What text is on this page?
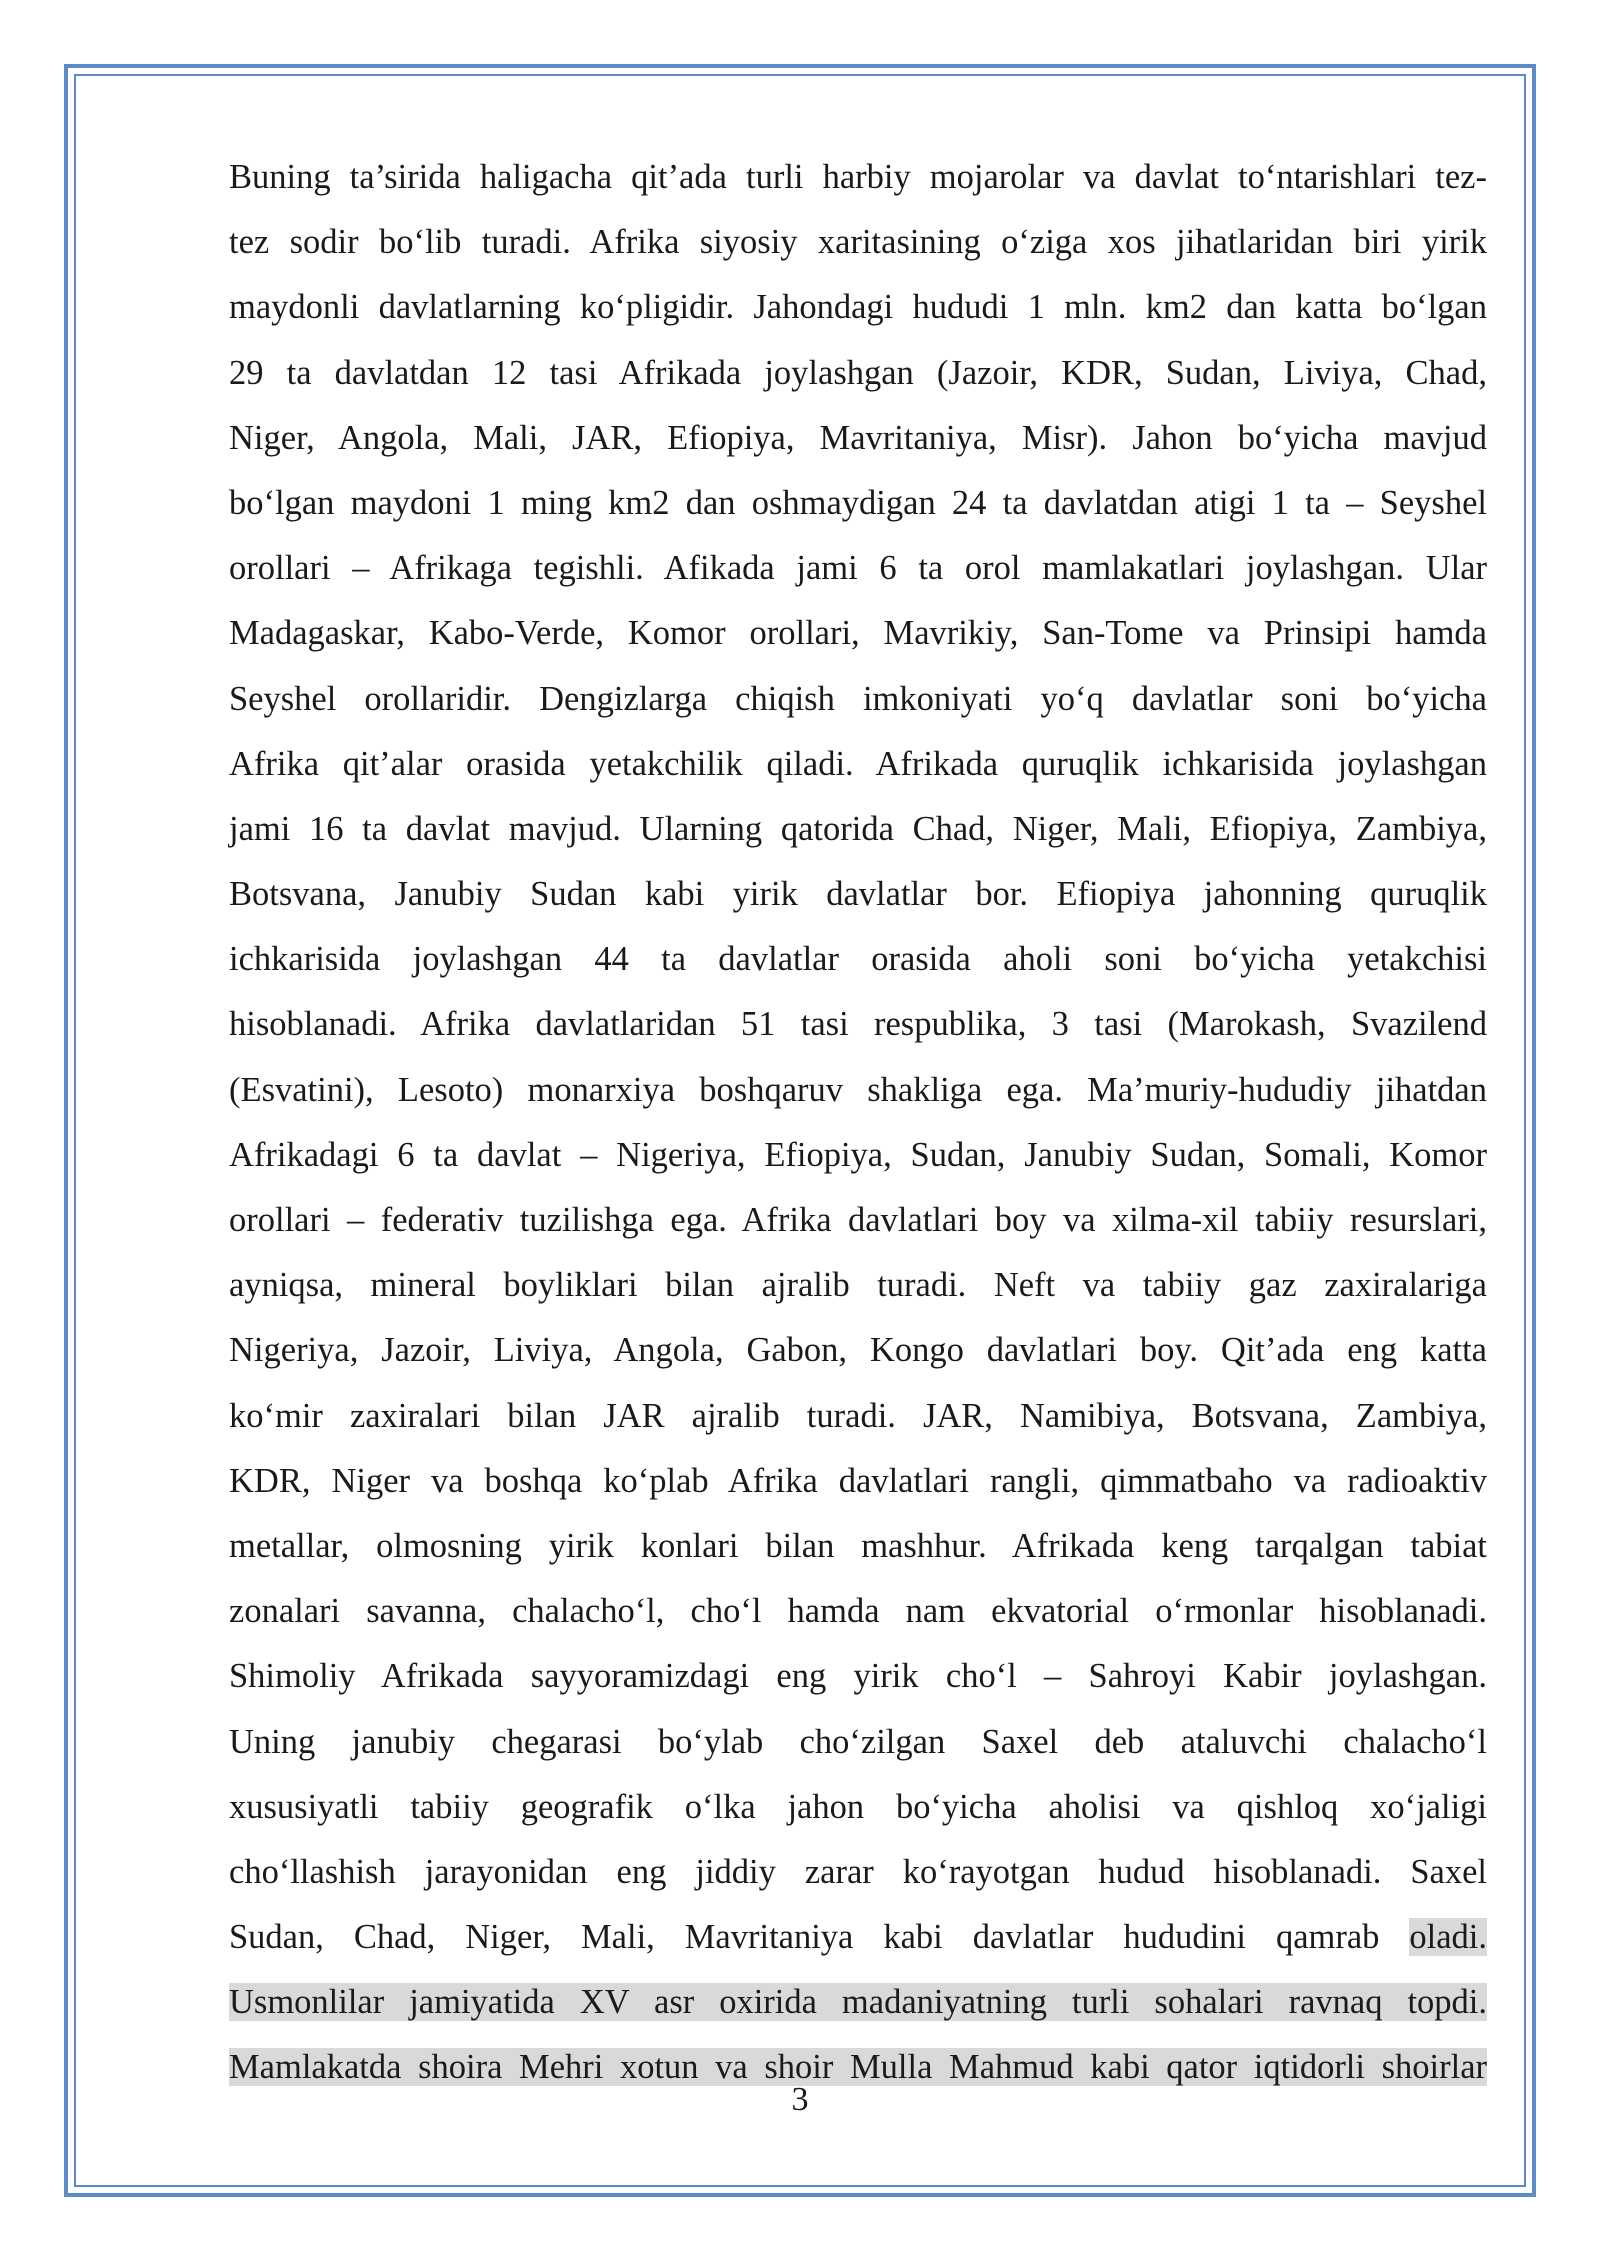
Buning ta’sirida haligacha qit’ada turli harbiy mojarolar va davlat to‘ntarishlari tez-
tez sodir bo‘lib turadi. Afrika siyosiy xaritasining o‘ziga xos jihatlaridan biri yirik
maydonli davlatlarning ko‘pligidir. Jahondagi hududi 1 mln. km2 dan katta bo‘lgan
29 ta davlatdan 12 tasi Afrikada joylashgan (Jazoir, KDR, Sudan, Liviya, Chad,
Niger, Angola, Mali, JAR, Efiopiya, Mavritaniya, Misr). Jahon bo‘yicha mavjud
bo‘lgan maydoni 1 ming km2 dan oshmaydigan 24 ta davlatdan atigi 1 ta – Seyshel
orollari – Afrikaga tegishli. Afikada jami 6 ta orol mamlakatlari joylashgan. Ular
Madagaskar, Kabo-Verde, Komor orollari, Mavrikiy, San-Tome va Prinsipi hamda
Seyshel orollaridir. Dengizlarga chiqish imkoniyati yo‘q davlatlar soni bo‘yicha
Afrika qit’alar orasida yetakchilik qiladi. Afrikada quruqlik ichkarisida joylashgan
jami 16 ta davlat mavjud. Ularning qatorida Chad, Niger, Mali, Efiopiya, Zambiya,
Botsvana, Janubiy Sudan kabi yirik davlatlar bor. Efiopiya jahonning quruqlik
ichkarisida joylashgan 44 ta davlatlar orasida aholi soni bo‘yicha yetakchisi
hisoblanadi. Afrika davlatlaridan 51 tasi respublika, 3 tasi (Marokash, Svazilend
(Esvatini), Lesoto) monarxiya boshqaruv shakliga ega. Ma’muriy-hududiy jihatdan
Afrikadagi 6 ta davlat – Nigeriya, Efiopiya, Sudan, Janubiy Sudan, Somali, Komor
orollari – federativ tuzilishga ega. Afrika davlatlari boy va xilma-xil tabiiy resurslari,
ayniqsa, mineral boyliklari bilan ajralib turadi. Neft va tabiiy gaz zaxiralariga
Nigeriya, Jazoir, Liviya, Angola, Gabon, Kongo davlatlari boy. Qit’ada eng katta
ko‘mir zaxiralari bilan JAR ajralib turadi. JAR, Namibiya, Botsvana, Zambiya,
KDR, Niger va boshqa ko‘plab Afrika davlatlari rangli, qimmatbaho va radioaktiv
metallar, olmosning yirik konlari bilan mashhur. Afrikada keng tarqalgan tabiat
zonalari savanna, chalacho‘l, cho‘l hamda nam ekvatorial o‘rmonlar hisoblanadi.
Shimoliy Afrikada sayyoramizdagi eng yirik cho‘l – Sahroyi Kabir joylashgan.
Uning janubiy chegarasi bo‘ylab cho‘zilgan Saxel deb ataluvchi chalacho‘l
xususiyatli tabiiy geografik o‘lka jahon bo‘yicha aholisi va qishloq xo‘jaligi
cho‘llashish jarayonidan eng jiddiy zarar ko‘rayotgan hudud hisoblanadi. Saxel
Sudan, Chad, Niger, Mali, Mavritaniya kabi davlatlar hududini qamrab oladi.
Usmonlilar jamiyatida XV asr oxirida madaniyatning turli sohalari ravnaq topdi.
Mamlakatda shoira Mehri xotun va shoir Mulla Mahmud kabi qator iqtidorli shoirlar
3
